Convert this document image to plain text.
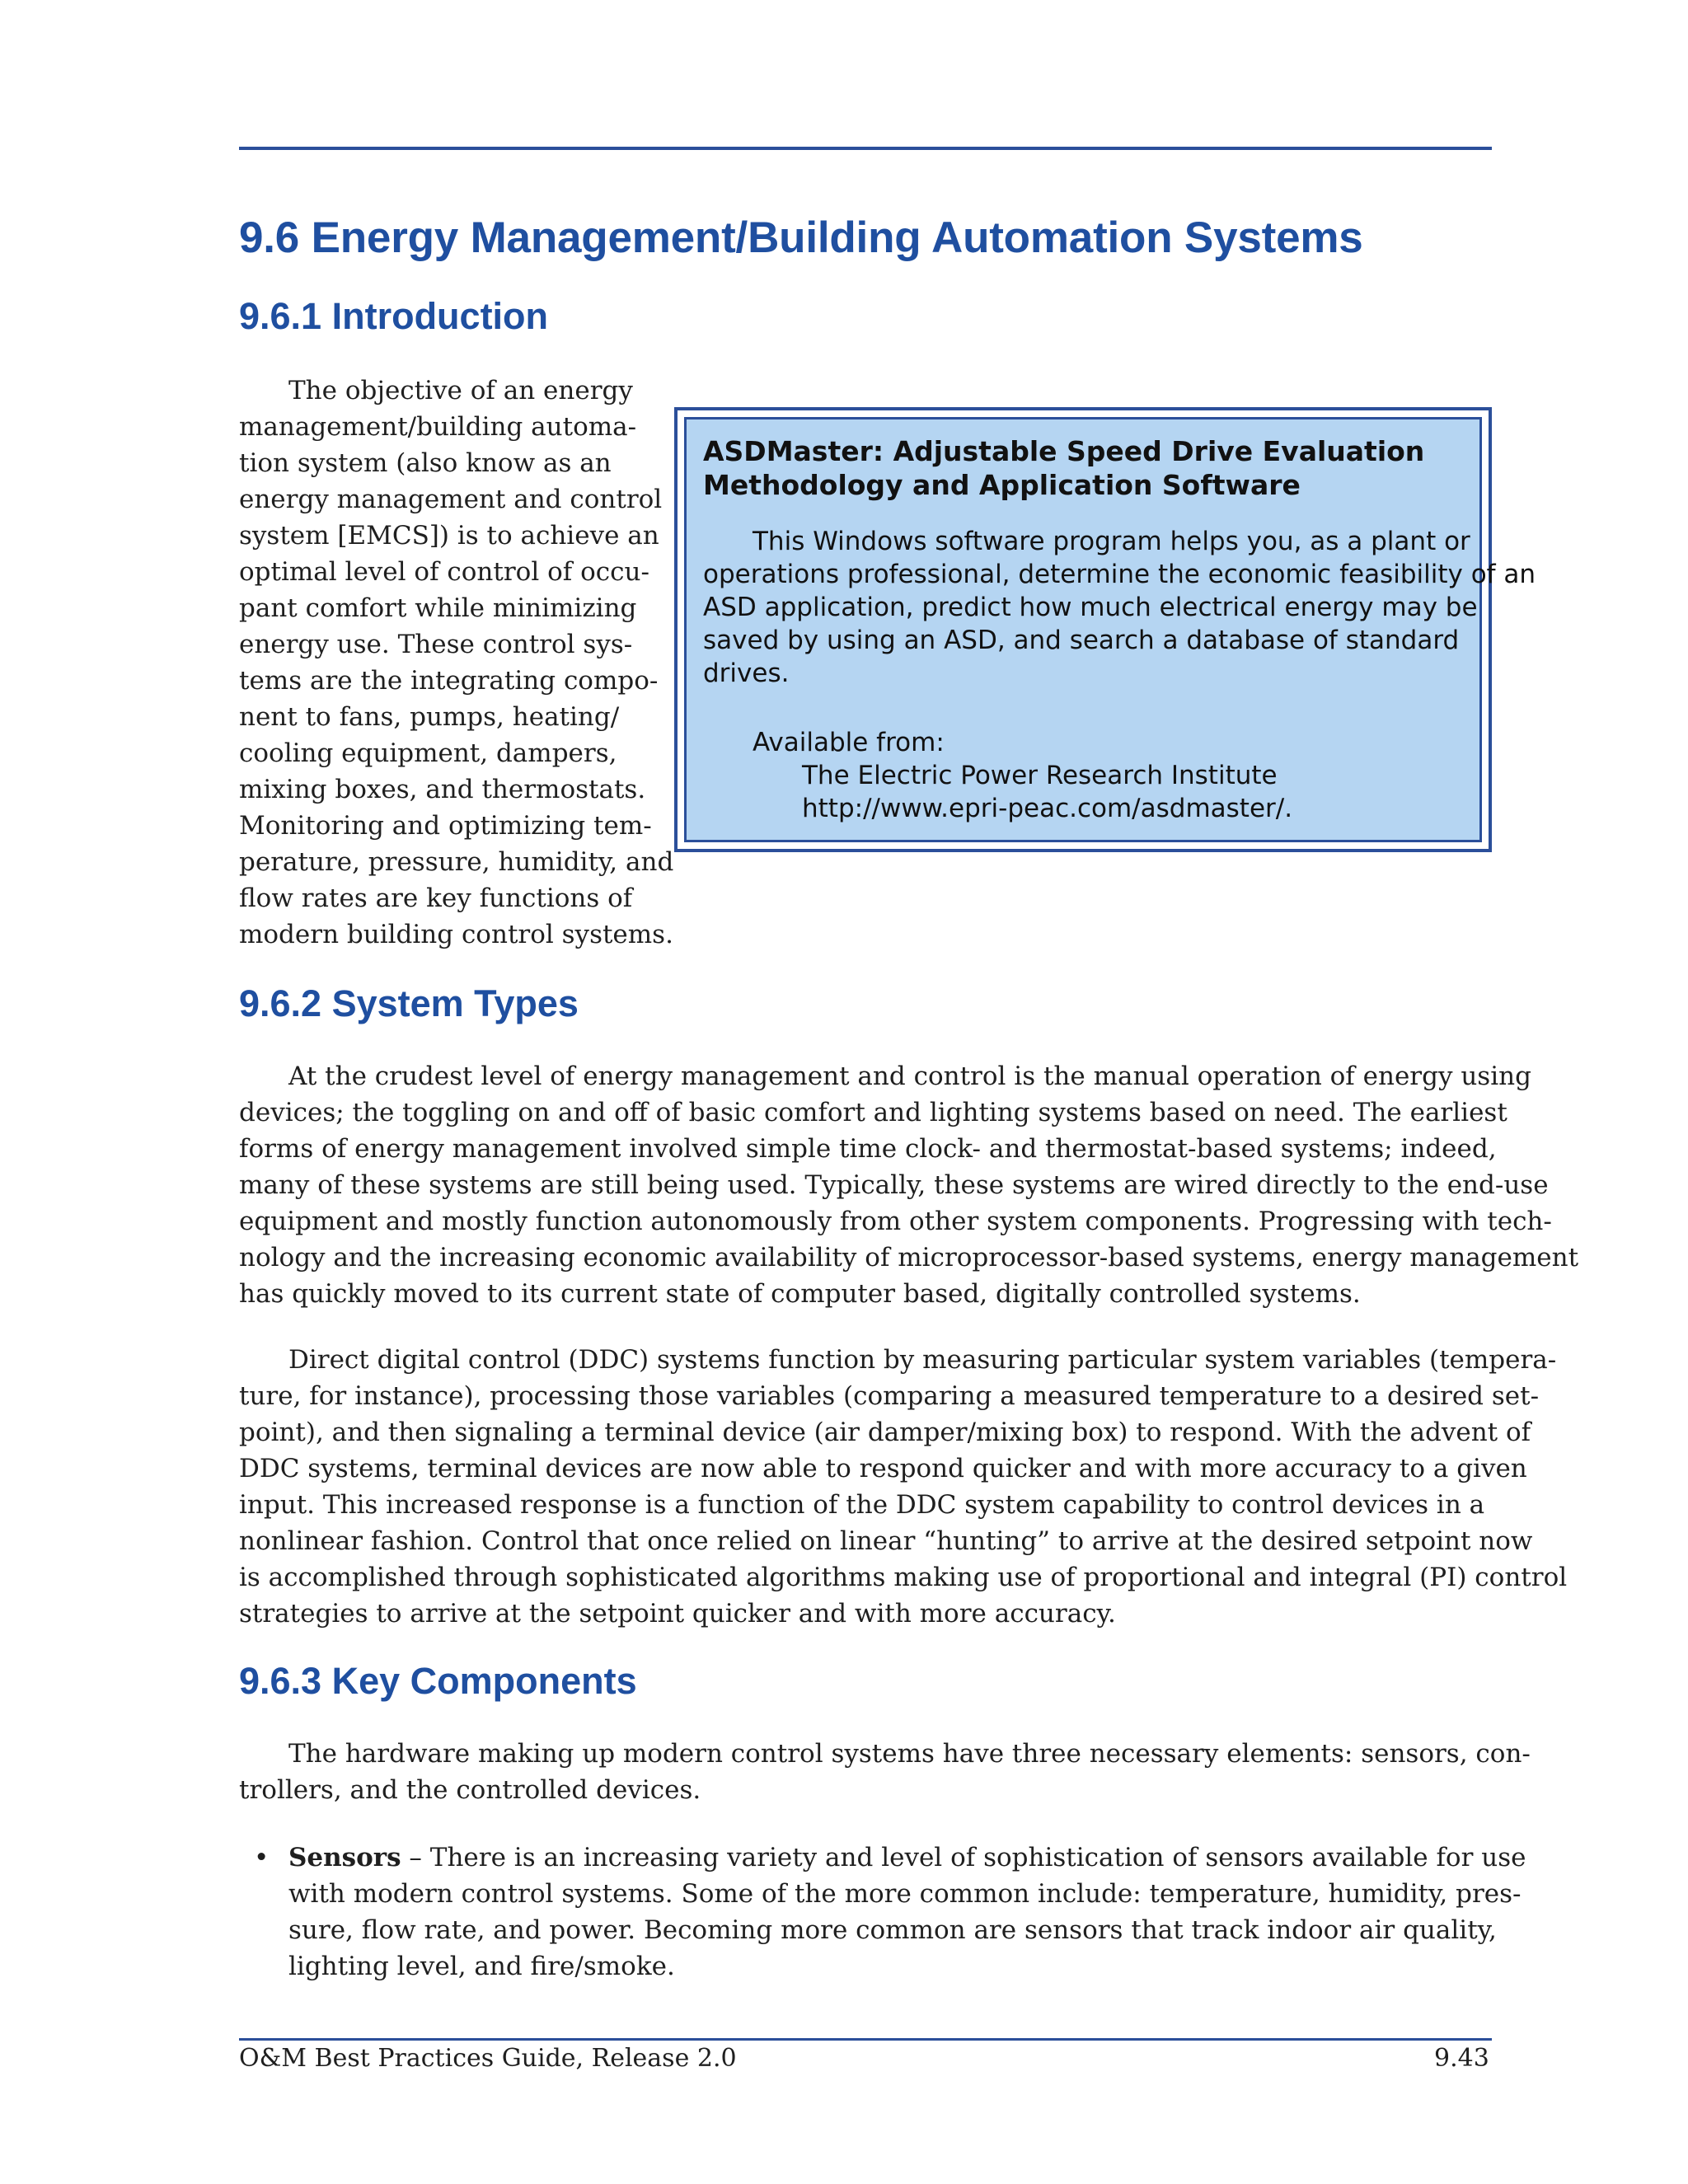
9.6 Energy Management/Building Automation Systems
9.6.1 Introduction
The objective of an energy
management/building automa-
tion system (also know as an
energy management and control
system [EMCS]) is to achieve an
optimal level of control of occu-
pant comfort while minimizing
energy use. These control sys-
tems are the integrating compo-
nent to fans, pumps, heating/
cooling equipment, dampers,
mixing boxes, and thermostats.
Monitoring and optimizing tem-
perature, pressure, humidity, and
flow rates are key functions of
modern building control systems.
ASDMaster: Adjustable Speed Drive Evaluation
Methodology and Application Software
This Windows software program helps you, as a plant or
operations professional, determine the economic feasibility of an
ASD application, predict how much electrical energy may be
saved by using an ASD, and search a database of standard
drives.
Available from:
The Electric Power Research Institute
http://www.epri-peac.com/asdmaster/.
9.6.2 System Types
At the crudest level of energy management and control is the manual operation of energy using
devices; the toggling on and off of basic comfort and lighting systems based on need. The earliest
forms of energy management involved simple time clock- and thermostat-based systems; indeed,
many of these systems are still being used. Typically, these systems are wired directly to the end-use
equipment and mostly function autonomously from other system components. Progressing with tech-
nology and the increasing economic availability of microprocessor-based systems, energy management
has quickly moved to its current state of computer based, digitally controlled systems.
Direct digital control (DDC) systems function by measuring particular system variables (tempera-
ture, for instance), processing those variables (comparing a measured temperature to a desired set-
point), and then signaling a terminal device (air damper/mixing box) to respond. With the advent of
DDC systems, terminal devices are now able to respond quicker and with more accuracy to a given
input. This increased response is a function of the DDC system capability to control devices in a
nonlinear fashion. Control that once relied on linear “hunting” to arrive at the desired setpoint now
is accomplished through sophisticated algorithms making use of proportional and integral (PI) control
strategies to arrive at the setpoint quicker and with more accuracy.
9.6.3 Key Components
The hardware making up modern control systems have three necessary elements: sensors, con-
trollers, and the controlled devices.
• Sensors – There is an increasing variety and level of sophistication of sensors available for use
with modern control systems. Some of the more common include: temperature, humidity, pres-
sure, flow rate, and power. Becoming more common are sensors that track indoor air quality,
lighting level, and fire/smoke.
O&M Best Practices Guide, Release 2.0	9.43
